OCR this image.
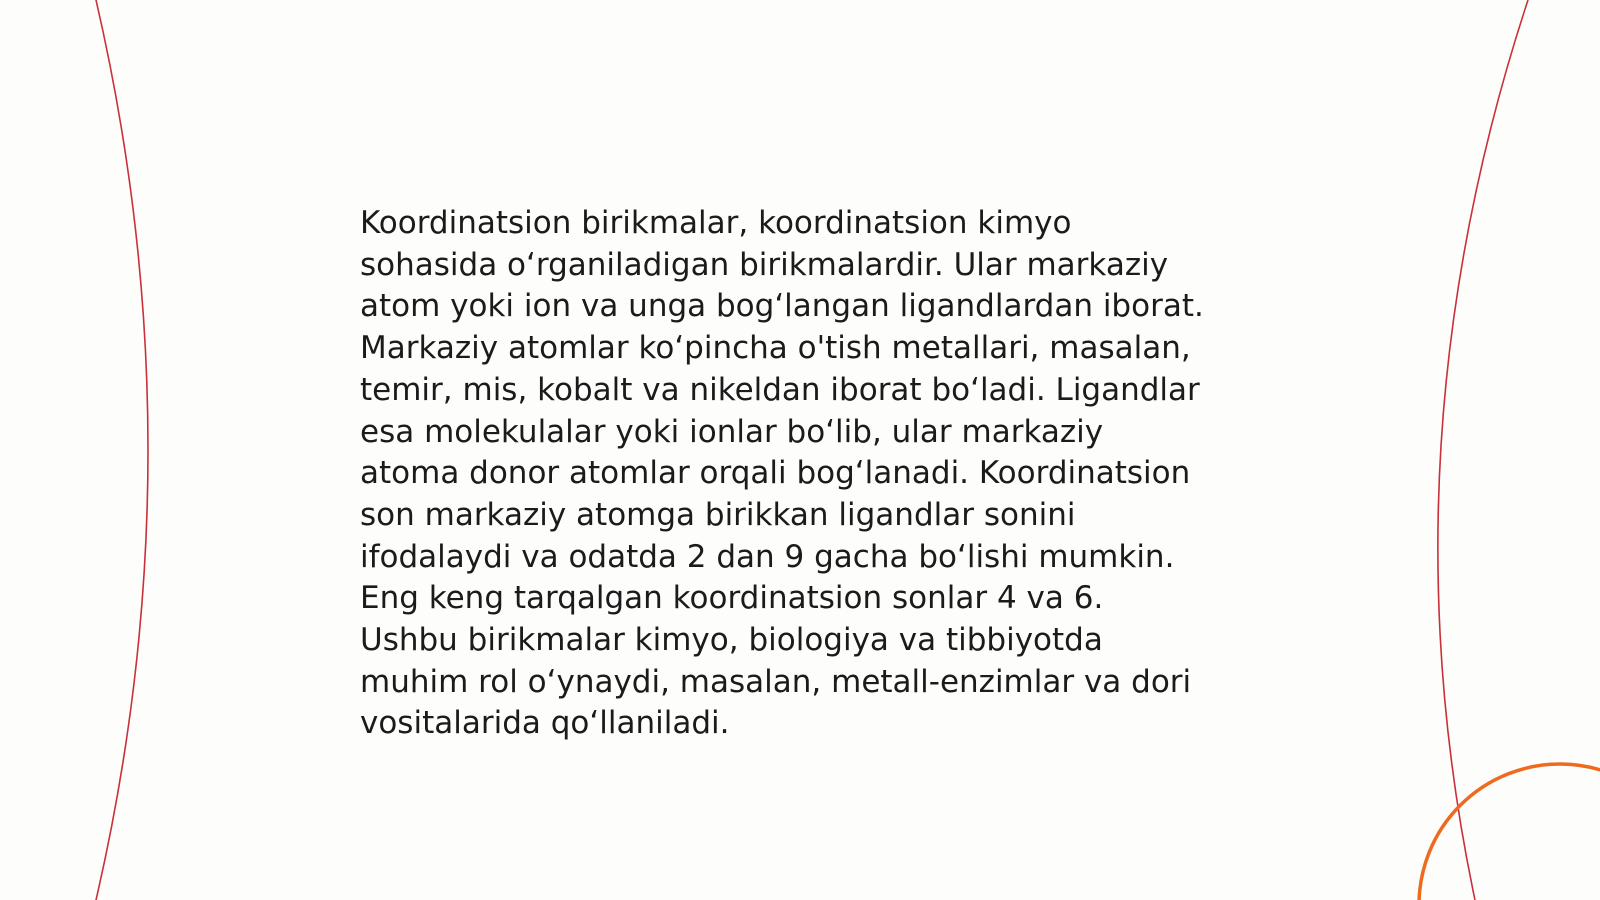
Koordinatsion birikmalar, koordinatsion kimyo
sohasida o‘rganiladigan birikmalardir. Ular markaziy
atom yoki ion va unga bog‘langan ligandlardan iborat.
Markaziy atomlar ko‘pincha o'tish metallari, masalan,
temir, mis, kobalt va nikeldan iborat bo‘ladi. Ligandlar
esa molekulalar yoki ionlar bo‘lib, ular markaziy
atoma donor atomlar orqali bog‘lanadi. Koordinatsion
son markaziy atomga birikkan ligandlar sonini
ifodalaydi va odatda 2 dan 9 gacha bo‘lishi mumkin.
Eng keng tarqalgan koordinatsion sonlar 4 va 6.
Ushbu birikmalar kimyo, biologiya va tibbiyotda
muhim rol o‘ynaydi, masalan, metall-enzimlar va dori
vositalarida qo‘llaniladi.
